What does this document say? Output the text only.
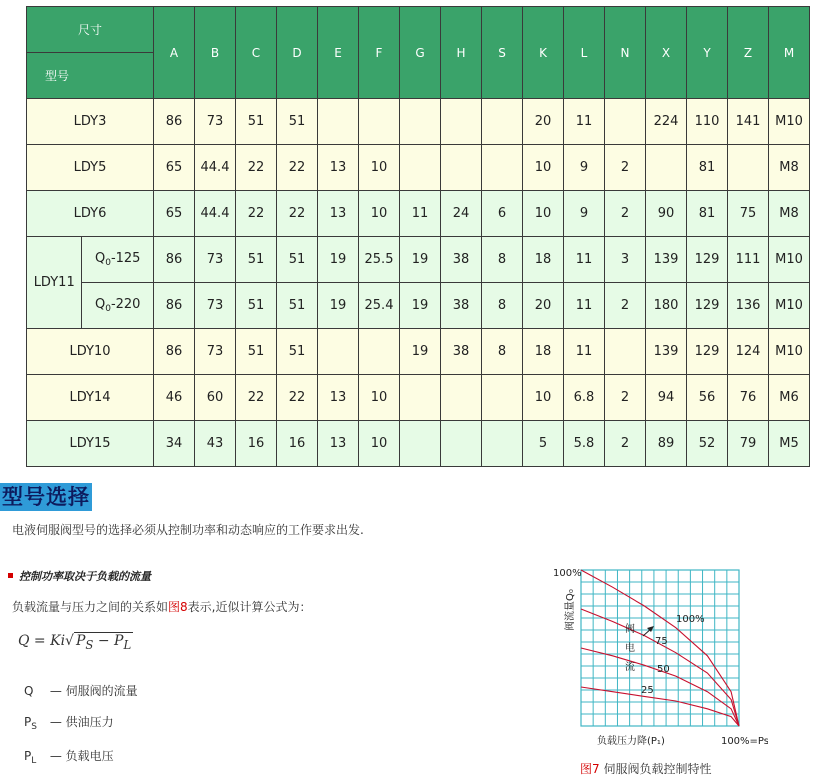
尺寸		A	B	C	D	E	F	G	H	S	K	L	N	X	Y	Z	M
型号																	
LDY3		86	73	51	51						20	11		224	110	141	M10
LDY5		65	44.4	22	22	13	10				10	9	2		81		M8
LDY6		65	44.4	22	22	13	10	11	24	6	10	9	2	90	81	75	M8
LDY11	$Q_0-125$	86	73	51	51	19	25.5	19	38	8	18	11	3	139	129	111	M10
	$Q_0-220$	86	73	51	51	19	25.4	19	38	8	20	11	2	180	129	136	M10
LDY10		86	73	51	51			19	38	8	18	11		139	129	124	M10
LDY14		46	60	22	22	13	10				10	6.8	2	94	56	76	M6
LDY15		34	43	16	16	13	10				5	5.8	2	89	52	79	M5
型号选择
电液伺服阀型号的选择必须从控制功率和动态响应的工作要求出发.
控制功率取决于负载的流量
负载流量与压力之间的关系如图8表示,近似计算公式为：
Q = Ki√ $P_S - P_L$
Q — 伺服阀的流量
$P_S$ — 供油压力
$P_L$ — 负载电压
100%
75
50
25
100%
阀流量Q₀
负载压力降(P₁)	100%=Ps
阀
电
流
图7 伺服阀负载控制特性
